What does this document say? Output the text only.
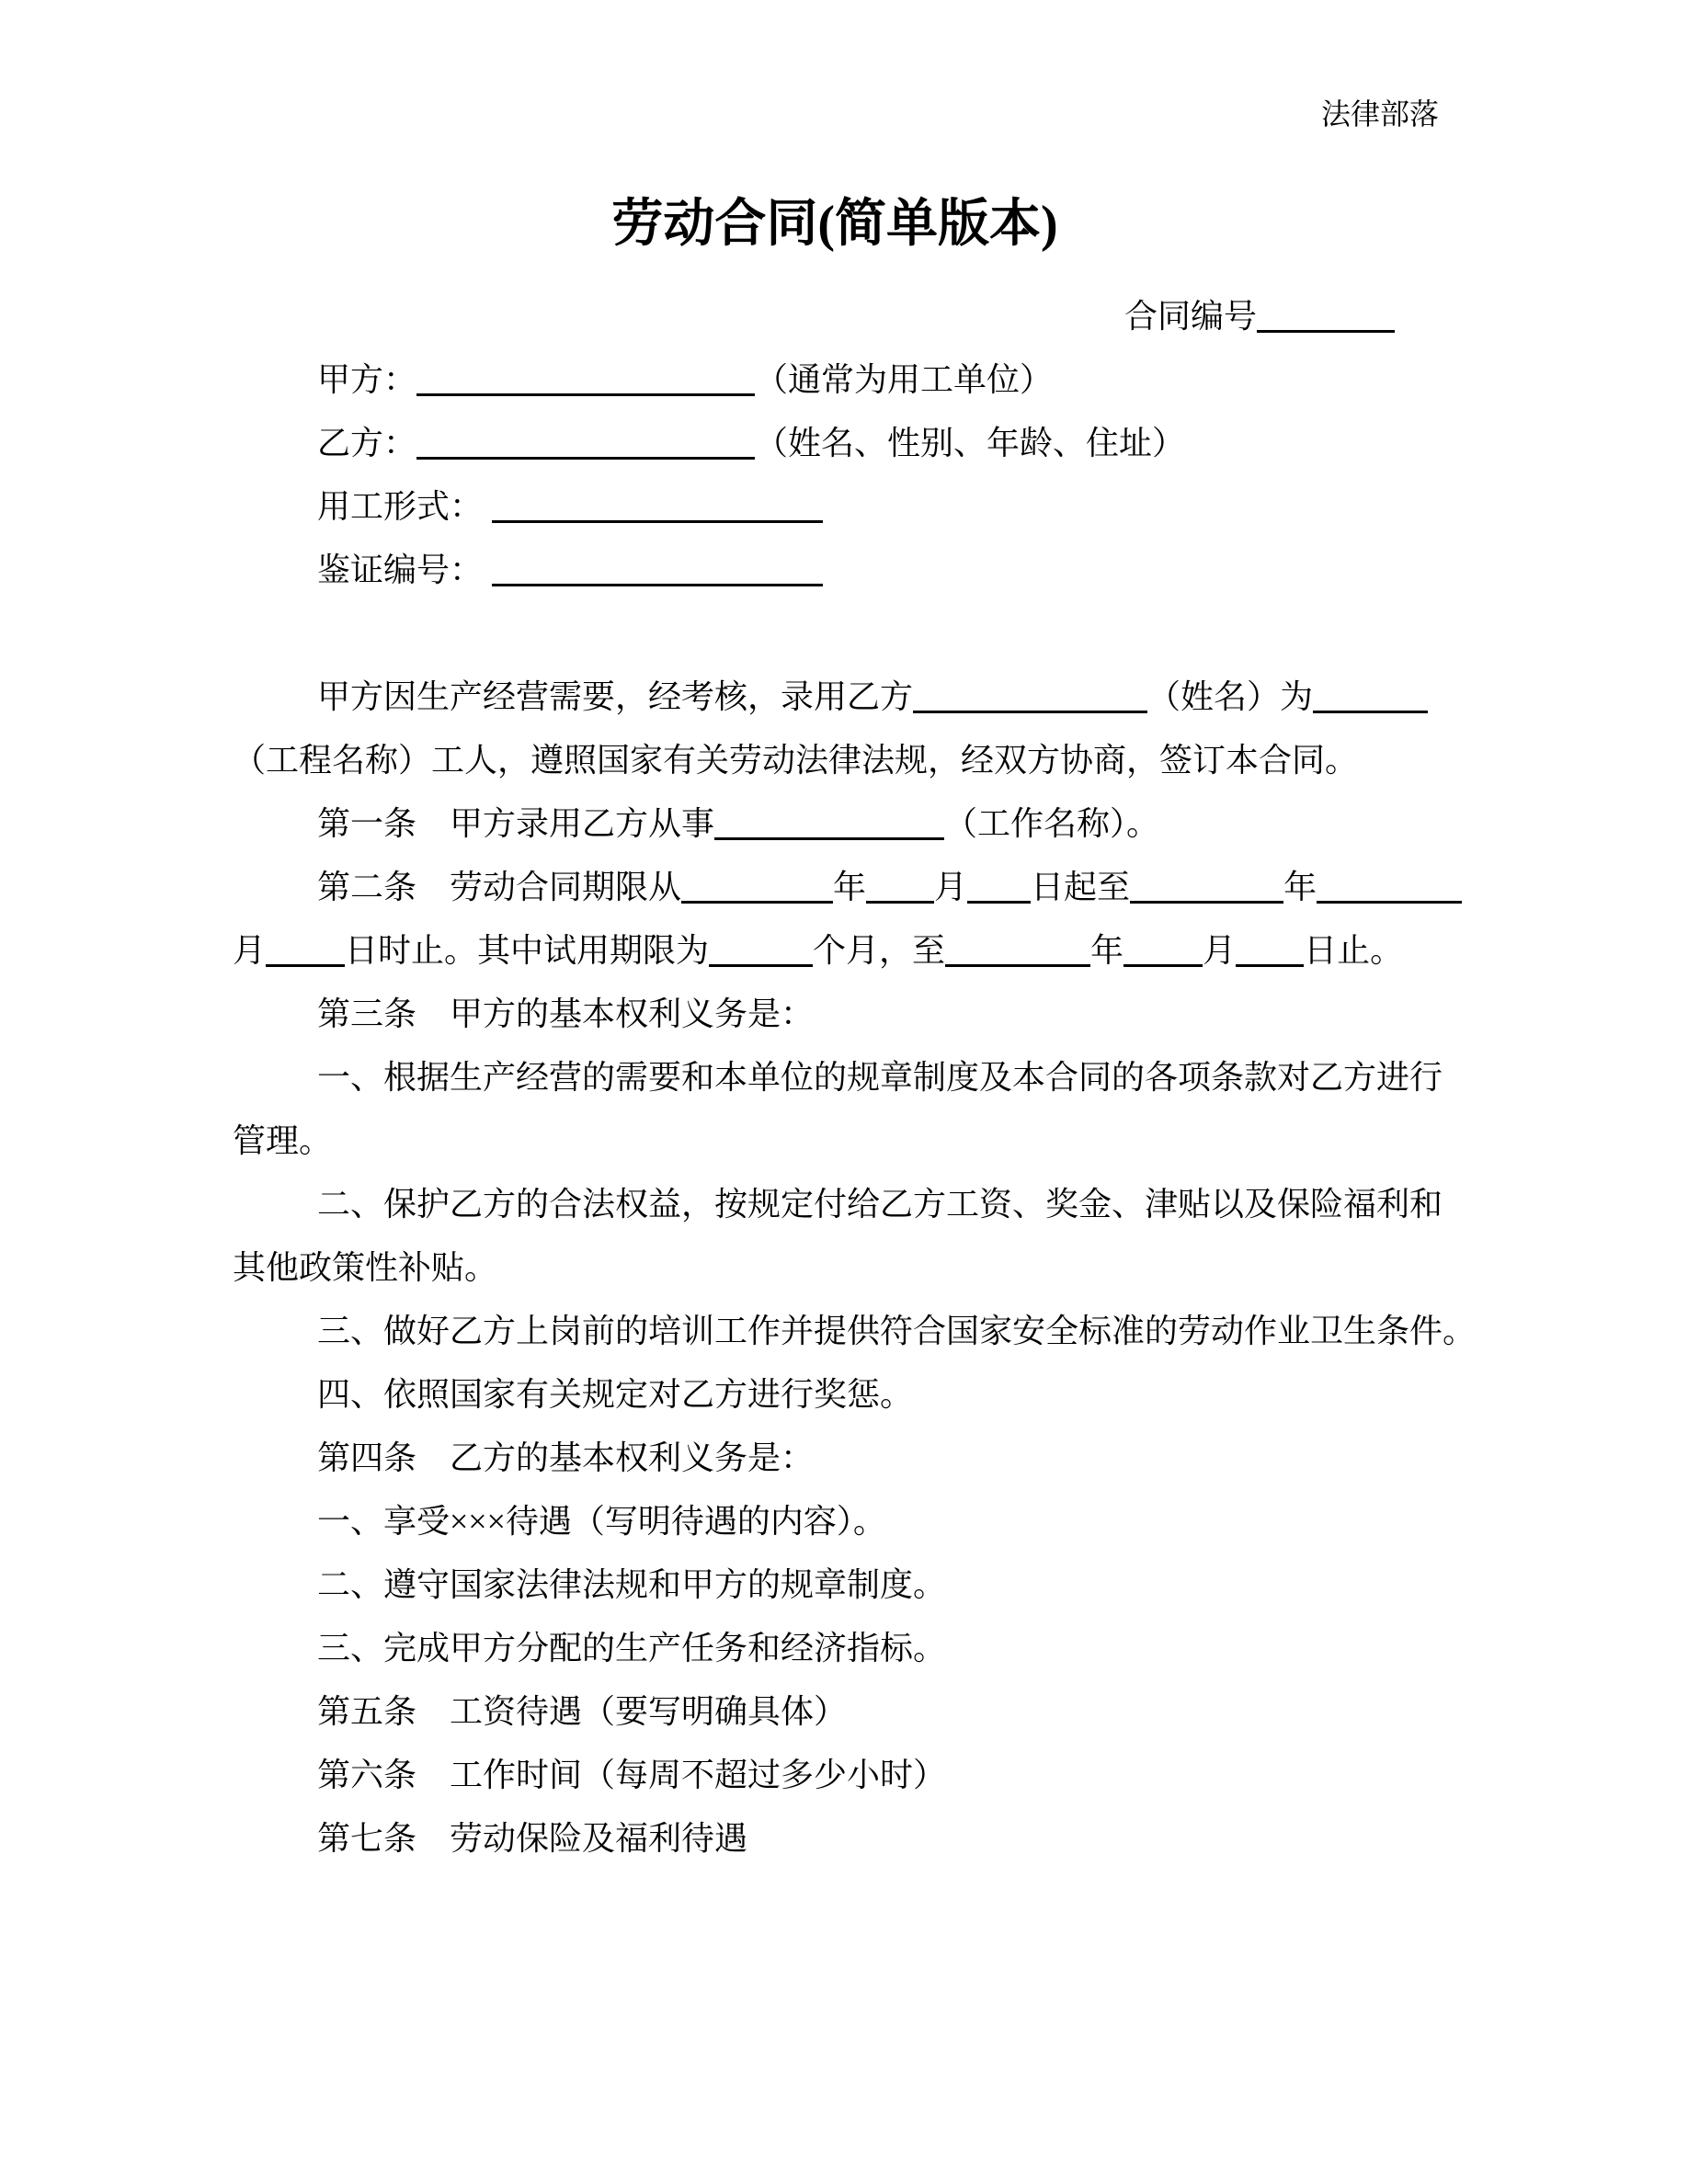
法律部落
劳动合同(简单版本)
合同编号
甲方：	（通常为用工单位）
乙方：	（姓名、性别、年龄、住址）
用工形式：
鉴证编号：

甲方因生产经营需要，经考核，录用乙方	（姓名）为
（工程名称）工人，遵照国家有关劳动法律法规，经双方协商，签订本合同。
第一条　甲方录用乙方从事	（工作名称）。
第二条　劳动合同期限从	年 月 日起至	年
月 日时止。其中试用期限为	个月，至	年 月 日止。
第三条　甲方的基本权利义务是：
一、根据生产经营的需要和本单位的规章制度及本合同的各项条款对乙方进行
管理。
二、保护乙方的合法权益，按规定付给乙方工资、奖金、津贴以及保险福利和
其他政策性补贴。
三、做好乙方上岗前的培训工作并提供符合国家安全标准的劳动作业卫生条件。
四、依照国家有关规定对乙方进行奖惩。
第四条　乙方的基本权利义务是：
一、享受×××待遇（写明待遇的内容）。
二、遵守国家法律法规和甲方的规章制度。
三、完成甲方分配的生产任务和经济指标。
第五条　工资待遇（要写明确具体）
第六条　工作时间（每周不超过多少小时）
第七条　劳动保险及福利待遇
